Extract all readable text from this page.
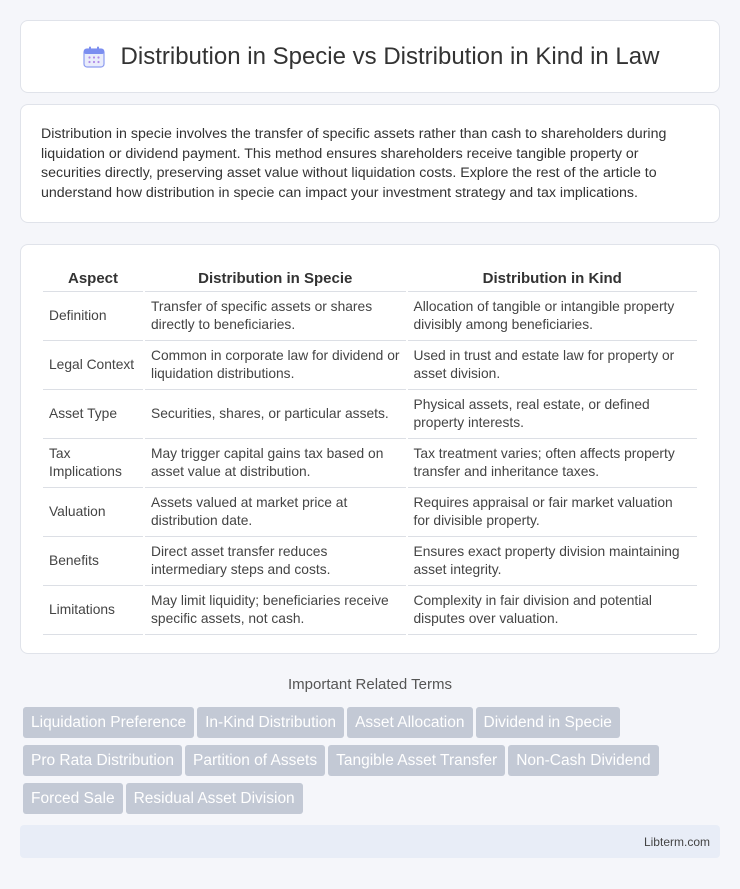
Distribution in Specie vs Distribution in Kind in Law

Distribution in specie involves the transfer of specific assets rather than cash to shareholders during liquidation or dividend payment. This method ensures shareholders receive tangible property or securities directly, preserving asset value without liquidation costs. Explore the rest of the article to understand how distribution in specie can impact your investment strategy and tax implications.

Aspect	Distribution in Specie	Distribution in Kind
Definition	Transfer of specific assets or shares directly to beneficiaries.	Allocation of tangible or intangible property divisibly among beneficiaries.
Legal Context	Common in corporate law for dividend or liquidation distributions.	Used in trust and estate law for property or asset division.
Asset Type	Securities, shares, or particular assets.	Physical assets, real estate, or defined property interests.
Tax Implications	May trigger capital gains tax based on asset value at distribution.	Tax treatment varies; often affects property transfer and inheritance taxes.
Valuation	Assets valued at market price at distribution date.	Requires appraisal or fair market valuation for divisible property.
Benefits	Direct asset transfer reduces intermediary steps and costs.	Ensures exact property division maintaining asset integrity.
Limitations	May limit liquidity; beneficiaries receive specific assets, not cash.	Complexity in fair division and potential disputes over valuation.
Important Related Terms
Liquidation Preference In-Kind Distribution Asset Allocation Dividend in Specie
Pro Rata Distribution Partition of Assets Tangible Asset Transfer Non-Cash Dividend
Forced Sale Residual Asset Division
Libterm.com
